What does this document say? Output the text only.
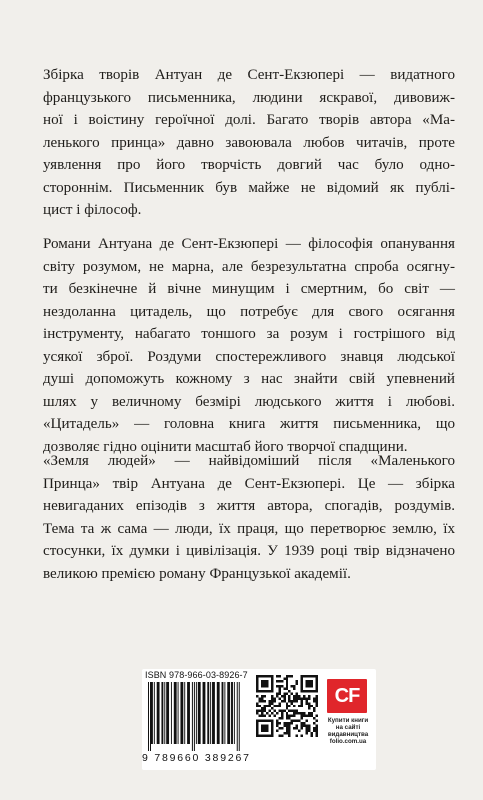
Збірка творів Антуан де Сент-Екзюпері — видатного
французького письменника, людини яскравої, дивовиж-
ної і воістину героїчної долі. Багато творів автора «Ма-
ленького принца» давно завоювала любов читачів, проте
уявлення про його творчість довгий час було одно-
стороннім. Письменник був майже не відомий як публі-
цист і філософ.
Романи Антуана де Сент-Екзюпері — філософія опанування
світу розумом, не марна, але безрезультатна спроба осягну-
ти безкінечне й вічне минущим і смертним, бо світ —
нездоланна цитадель, що потребує для свого осягання
інструменту, набагато тоншого за розум і гострішого від
усякої зброї. Роздуми спостережливого знавця людської
душі допоможуть кожному з нас знайти свій упевнений
шлях у величному безмірі людського життя і любові.
«Цитадель» — головна книга життя письменника, що
дозволяє гідно оцінити масштаб його творчої спадщини.
«Земля людей» — найвідоміший після «Маленького
Принца» твір Антуана де Сент-Екзюпері. Це — збірка
невигаданих епізодів з життя автора, спогадів, роздумів.
Тема та ж сама — люди, їх праця, що перетворює землю, їх
стосунки, їх думки і цивілізація. У 1939 році твір відзначено
великою премією роману Французької академії.
ISBN 978-966-03-8926-7
9 789660 389267
CF
Купити книги
на сайті
видавництва
folio.com.ua
